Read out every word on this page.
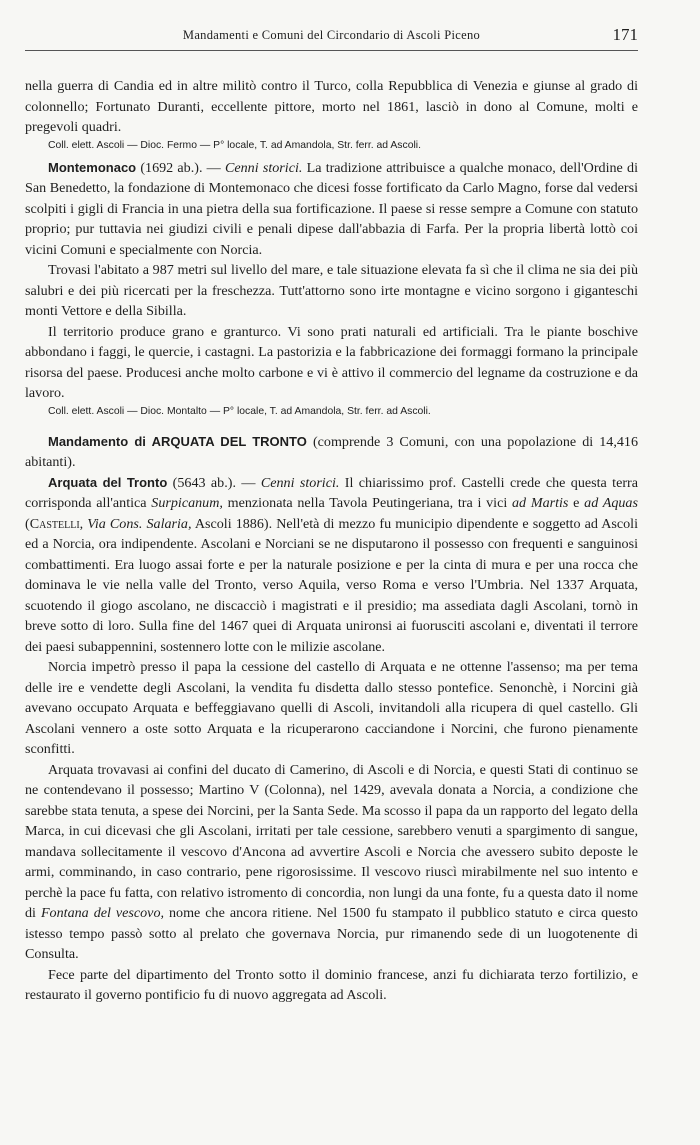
Mandamenti e Comuni del Circondario di Ascoli Piceno	171

nella guerra di Candia ed in altre militò contro il Turco, colla Repubblica di Venezia e giunse al grado di colonnello; Fortunato Duranti, eccellente pittore, morto nel 1861, lasciò in dono al Comune, molti e pregevoli quadri.

Coll. elett. Ascoli — Dioc. Fermo — P° locale, T. ad Amandola, Str. ferr. ad Ascoli.

Montemonaco (1692 ab.). — Cenni storici. La tradizione attribuisce a qualche monaco, dell'Ordine di San Benedetto, la fondazione di Montemonaco che dicesi fosse fortificato da Carlo Magno, forse dal vedersi scolpiti i gigli di Francia in una pietra della sua fortificazione. Il paese si resse sempre a Comune con statuto proprio; pur tuttavia nei giudizi civili e penali dipese dall'abbazia di Farfa. Per la propria libertà lottò coi vicini Comuni e specialmente con Norcia.

Trovasi l'abitato a 987 metri sul livello del mare, e tale situazione elevata fa sì che il clima ne sia dei più salubri e dei più ricercati per la freschezza. Tutt'attorno sono irte montagne e vicino sorgono i giganteschi monti Vettore e della Sibilla.

Il territorio produce grano e granturco. Vi sono prati naturali ed artificiali. Tra le piante boschive abbondano i faggi, le quercie, i castagni. La pastorizia e la fabbricazione dei formaggi formano la principale risorsa del paese. Producesi anche molto carbone e vi è attivo il commercio del legname da costruzione e da lavoro.

Coll. elett. Ascoli — Dioc. Montalto — P° locale, T. ad Amandola, Str. ferr. ad Ascoli.

Mandamento di ARQUATA DEL TRONTO (comprende 3 Comuni, con una popolazione di 14,416 abitanti).

Arquata del Tronto (5643 ab.). — Cenni storici. Il chiarissimo prof. Castelli crede che questa terra corrisponda all'antica Surpicanum, menzionata nella Tavola Peutingeriana, tra i vici ad Martis e ad Aquas (Castelli, Via Cons. Salaria, Ascoli 1886). Nell'età di mezzo fu municipio dipendente e soggetto ad Ascoli ed a Norcia, ora indipendente. Ascolani e Norciani se ne disputarono il possesso con frequenti e sanguinosi combattimenti. Era luogo assai forte e per la naturale posizione e per la cinta di mura e per una rocca che dominava le vie nella valle del Tronto, verso Aquila, verso Roma e verso l'Umbria. Nel 1337 Arquata, scuotendo il giogo ascolano, ne discacciò i magistrati e il presidio; ma assediata dagli Ascolani, tornò in breve sotto di loro. Sulla fine del 1467 quei di Arquata unironsi ai fuorusciti ascolani e, diventati il terrore dei paesi subappennini, sostennero lotte con le milizie ascolane.

Norcia impetrò presso il papa la cessione del castello di Arquata e ne ottenne l'assenso; ma per tema delle ire e vendette degli Ascolani, la vendita fu disdetta dallo stesso pontefice. Senonchè, i Norcini già avevano occupato Arquata e beffeggiavano quelli di Ascoli, invitandoli alla ricupera di quel castello. Gli Ascolani vennero a oste sotto Arquata e la ricuperarono cacciandone i Norcini, che furono pienamente sconfitti.

Arquata trovavasi ai confini del ducato di Camerino, di Ascoli e di Norcia, e questi Stati di continuo se ne contendevano il possesso; Martino V (Colonna), nel 1429, avevala donata a Norcia, a condizione che sarebbe stata tenuta, a spese dei Norcini, per la Santa Sede. Ma scosso il papa da un rapporto del legato della Marca, in cui dicevasi che gli Ascolani, irritati per tale cessione, sarebbero venuti a spargimento di sangue, mandava sollecitamente il vescovo d'Ancona ad avvertire Ascoli e Norcia che avessero subito deposte le armi, comminando, in caso contrario, pene rigorosissime. Il vescovo riuscì mirabilmente nel suo intento e perchè la pace fu fatta, con relativo istromento di concordia, non lungi da una fonte, fu a questa dato il nome di Fontana del vescovo, nome che ancora ritiene. Nel 1500 fu stampato il pubblico statuto e circa questo istesso tempo passò sotto al prelato che governava Norcia, pur rimanendo sede di un luogotenente di Consulta.

Fece parte del dipartimento del Tronto sotto il dominio francese, anzi fu dichiarata terzo fortilizio, e restaurato il governo pontificio fu di nuovo aggregata ad Ascoli.
